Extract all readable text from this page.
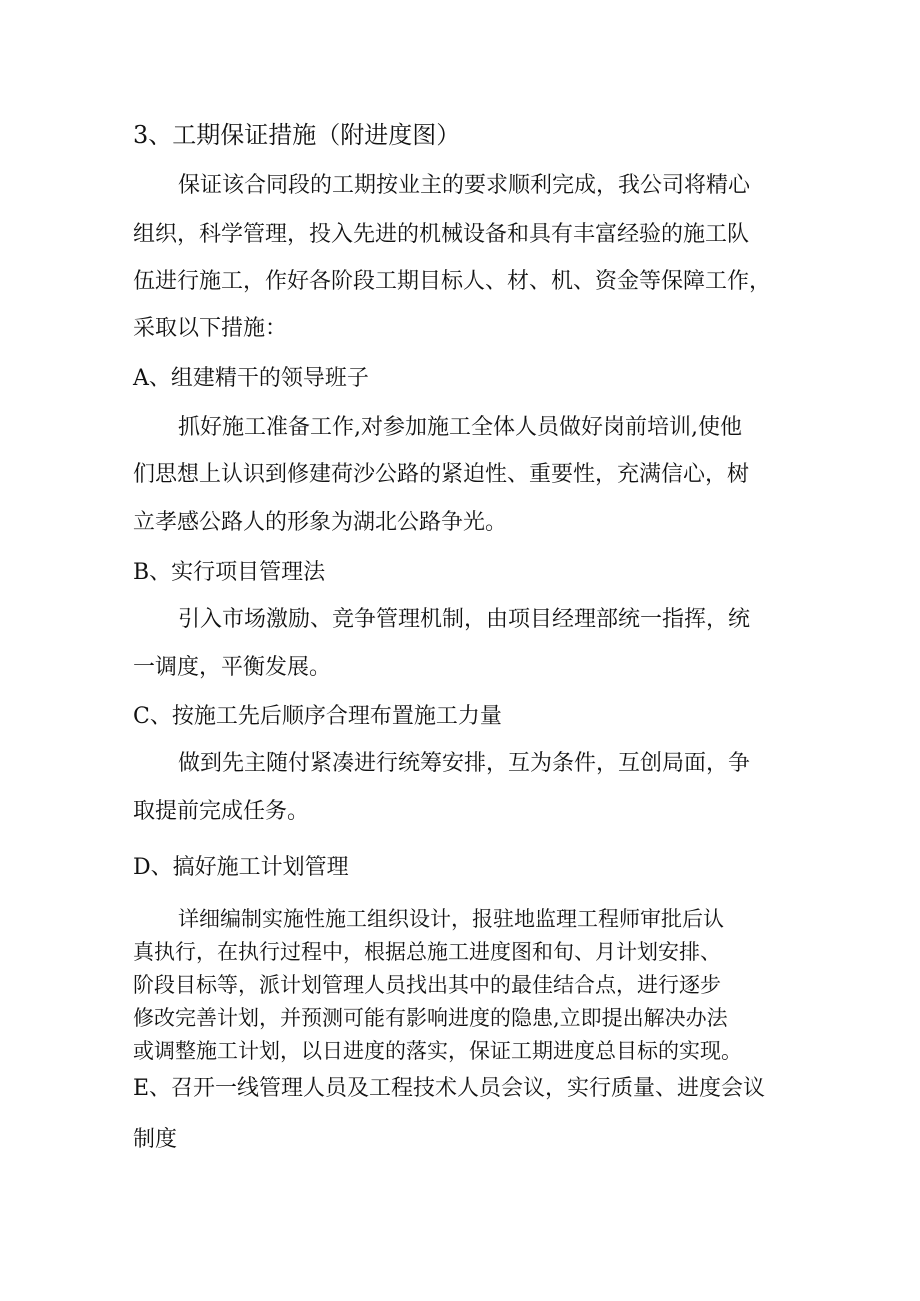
3、工期保证措施（附进度图）
保证该合同段的工期按业主的要求顺利完成，我公司将精心
组织，科学管理，投入先进的机械设备和具有丰富经验的施工队
伍进行施工，作好各阶段工期目标人、材、机、资金等保障工作，
采取以下措施：
A、组建精干的领导班子
抓好施工准备工作,对参加施工全体人员做好岗前培训,使他
们思想上认识到修建荷沙公路的紧迫性、重要性，充满信心，树
立孝感公路人的形象为湖北公路争光。
B、实行项目管理法
引入市场激励、竞争管理机制，由项目经理部统一指挥，统
一调度，平衡发展。
C、按施工先后顺序合理布置施工力量
做到先主随付紧凑进行统筹安排，互为条件，互创局面，争
取提前完成任务。
D、搞好施工计划管理
详细编制实施性施工组织设计，报驻地监理工程师审批后认
真执行，在执行过程中，根据总施工进度图和旬、月计划安排、
阶段目标等，派计划管理人员找出其中的最佳结合点，进行逐步
修改完善计划，并预测可能有影响进度的隐患,立即提出解决办法
或调整施工计划，以日进度的落实，保证工期进度总目标的实现。
E、召开一线管理人员及工程技术人员会议，实行质量、进度会议
制度
